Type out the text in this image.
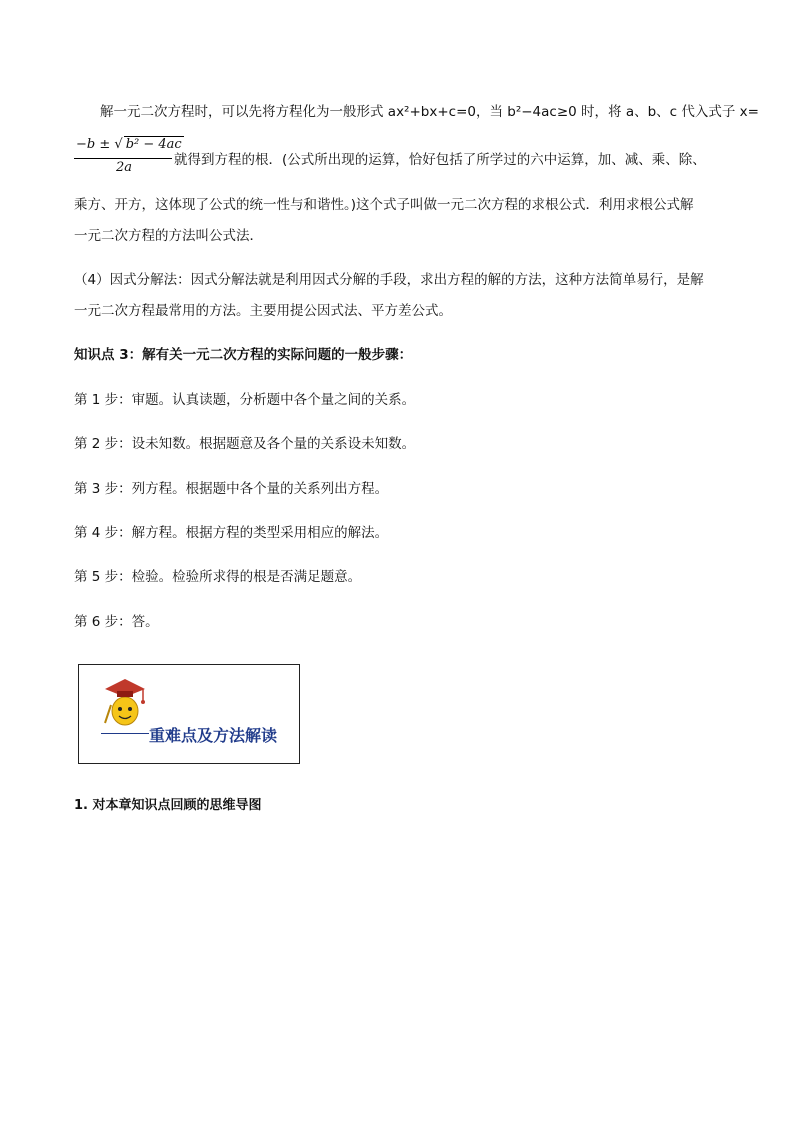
解一元二次方程时，可以先将方程化为一般形式 ax²+bx+c=0，当 b²−4ac≥0 时，将 a、b、c 代入式子 x=
−b ± √ b² − 4ac
2a	就得到方程的根．(公式所出现的运算，恰好包括了所学过的六中运算，加、减、乘、除、
乘方、开方，这体现了公式的统一性与和谐性。)这个式子叫做一元二次方程的求根公式．利用求根公式解
一元二次方程的方法叫公式法．
（4）因式分解法：因式分解法就是利用因式分解的手段，求出方程的解的方法，这种方法简单易行，是解
一元二次方程最常用的方法。主要用提公因式法、平方差公式。
知识点 3：解有关一元二次方程的实际问题的一般步骤：
第 1 步：审题。认真读题，分析题中各个量之间的关系。
第 2 步：设未知数。根据题意及各个量的关系设未知数。
第 3 步：列方程。根据题中各个量的关系列出方程。
第 4 步：解方程。根据方程的类型采用相应的解法。
第 5 步：检验。检验所求得的根是否满足题意。
第 6 步：答。
重难点及方法解读
1. 对本章知识点回顾的思维导图
